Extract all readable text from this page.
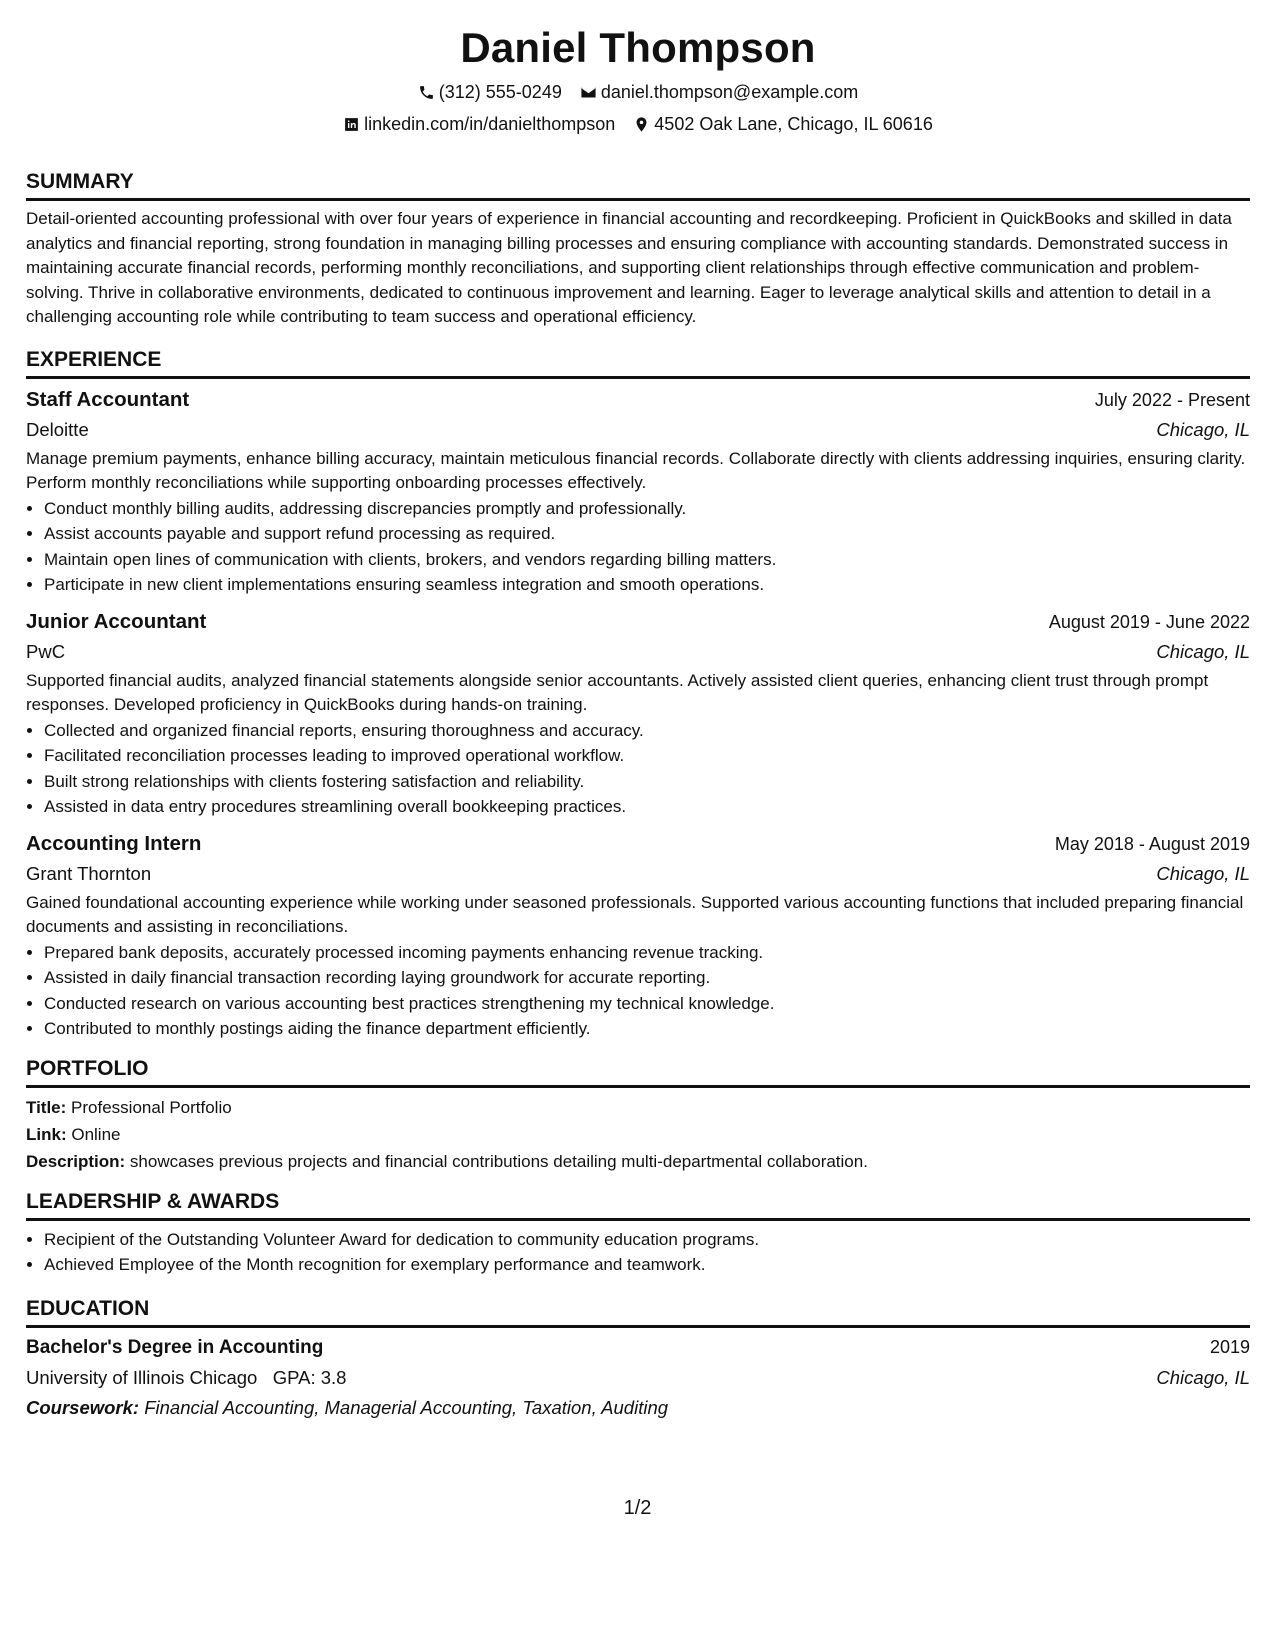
Daniel Thompson
(312) 555-0249 daniel.thompson@example.com
linkedin.com/in/danielthompson 4502 Oak Lane, Chicago, IL 60616
SUMMARY

Detail-oriented accounting professional with over four years of experience in financial accounting and recordkeeping. Proficient in QuickBooks and skilled in data analytics and financial reporting, strong foundation in managing billing processes and ensuring compliance with accounting standards. Demonstrated success in maintaining accurate financial records, performing monthly reconciliations, and supporting client relationships through effective communication and problem-solving. Thrive in collaborative environments, dedicated to continuous improvement and learning. Eager to leverage analytical skills and attention to detail in a challenging accounting role while contributing to team success and operational efficiency.

EXPERIENCE
Staff Accountant	July 2022 - Present
Deloitte	Chicago, IL

Manage premium payments, enhance billing accuracy, maintain meticulous financial records. Collaborate directly with clients addressing inquiries, ensuring clarity. Perform monthly reconciliations while supporting onboarding processes effectively.

• Conduct monthly billing audits, addressing discrepancies promptly and professionally.
• Assist accounts payable and support refund processing as required.
• Maintain open lines of communication with clients, brokers, and vendors regarding billing matters.
• Participate in new client implementations ensuring seamless integration and smooth operations.
Junior Accountant	August 2019 - June 2022
PwC	Chicago, IL

Supported financial audits, analyzed financial statements alongside senior accountants. Actively assisted client queries, enhancing client trust through prompt responses. Developed proficiency in QuickBooks during hands-on training.

• Collected and organized financial reports, ensuring thoroughness and accuracy.
• Facilitated reconciliation processes leading to improved operational workflow.
• Built strong relationships with clients fostering satisfaction and reliability.
• Assisted in data entry procedures streamlining overall bookkeeping practices.
Accounting Intern	May 2018 - August 2019
Grant Thornton	Chicago, IL

Gained foundational accounting experience while working under seasoned professionals. Supported various accounting functions that included preparing financial documents and assisting in reconciliations.

• Prepared bank deposits, accurately processed incoming payments enhancing revenue tracking.
• Assisted in daily financial transaction recording laying groundwork for accurate reporting.
• Conducted research on various accounting best practices strengthening my technical knowledge.
• Contributed to monthly postings aiding the finance department efficiently.
PORTFOLIO
Title: Professional Portfolio
Link: Online
Description: showcases previous projects and financial contributions detailing multi-departmental collaboration.
LEADERSHIP & AWARDS
• Recipient of the Outstanding Volunteer Award for dedication to community education programs.
• Achieved Employee of the Month recognition for exemplary performance and teamwork.
EDUCATION
Bachelor's Degree in Accounting	2019
University of Illinois Chicago GPA: 3.8	Chicago, IL
Coursework: Financial Accounting, Managerial Accounting, Taxation, Auditing
1/2
